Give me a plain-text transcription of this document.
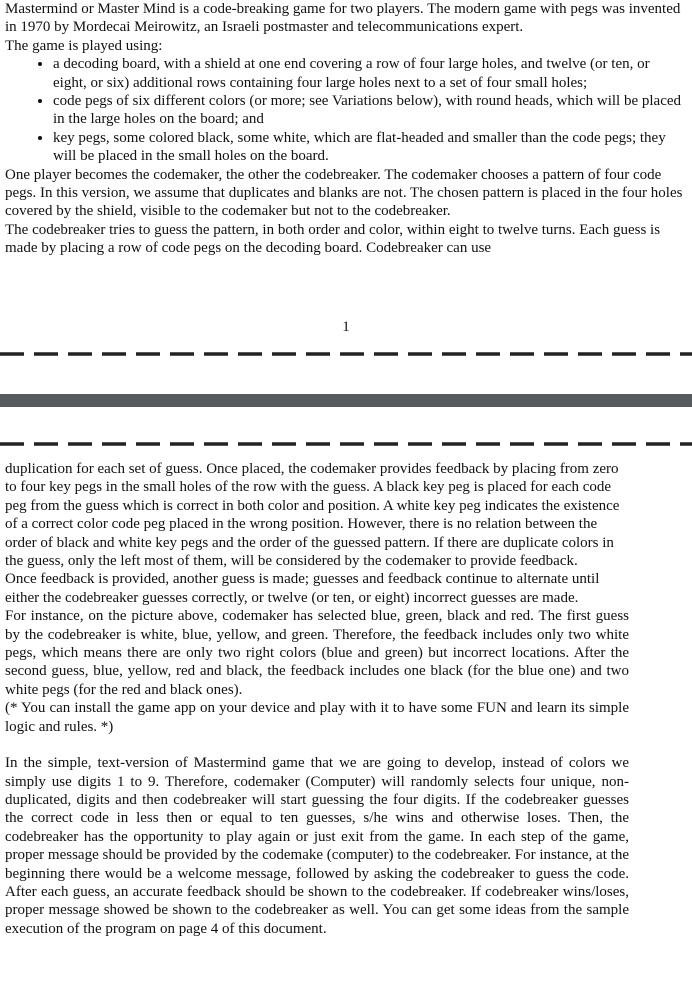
Mastermind or Master Mind is a code-breaking game for two players. The modern game with pegs was invented in 1970 by Mordecai Meirowitz, an Israeli postmaster and telecommunications expert.

The game is played using:

• a decoding board, with a shield at one end covering a row of four large holes, and twelve (or ten, or eight, or six) additional rows containing four large holes next to a set of four small holes;
• code pegs of six different colors (or more; see Variations below), with round heads, which will be placed in the large holes on the board; and
• key pegs, some colored black, some white, which are flat-headed and smaller than the code pegs; they will be placed in the small holes on the board.

One player becomes the codemaker, the other the codebreaker. The codemaker chooses a pattern of four code pegs. In this version, we assume that duplicates and blanks are not. The chosen pattern is placed in the four holes covered by the shield, visible to the codemaker but not to the codebreaker.

The codebreaker tries to guess the pattern, in both order and color, within eight to twelve turns. Each guess is made by placing a row of code pegs on the decoding board. Codebreaker can use

1

duplication for each set of guess. Once placed, the codemaker provides feedback by placing from zero to four key pegs in the small holes of the row with the guess. A black key peg is placed for each code peg from the guess which is correct in both color and position. A white key peg indicates the existence of a correct color code peg placed in the wrong position. However, there is no relation between the order of black and white key pegs and the order of the guessed pattern. If there are duplicate colors in the guess, only the left most of them, will be considered by the codemaker to provide feedback.

Once feedback is provided, another guess is made; guesses and feedback continue to alternate until either the codebreaker guesses correctly, or twelve (or ten, or eight) incorrect guesses are made.

For instance, on the picture above, codemaker has selected blue, green, black and red. The first guess by the codebreaker is white, blue, yellow, and green. Therefore, the feedback includes only two white pegs, which means there are only two right colors (blue and green) but incorrect locations. After the second guess, blue, yellow, red and black, the feedback includes one black (for the blue one) and two white pegs (for the red and black ones).

(* You can install the game app on your device and play with it to have some FUN and learn its simple logic and rules. *)

In the simple, text-version of Mastermind game that we are going to develop, instead of colors we simply use digits 1 to 9. Therefore, codemaker (Computer) will randomly selects four unique, non-duplicated, digits and then codebreaker will start guessing the four digits. If the codebreaker guesses the correct code in less then or equal to ten guesses, s/he wins and otherwise loses. Then, the codebreaker has the opportunity to play again or just exit from the game. In each step of the game, proper message should be provided by the codemake (computer) to the codebreaker. For instance, at the beginning there would be a welcome message, followed by asking the codebreaker to guess the code. After each guess, an accurate feedback should be shown to the codebreaker. If codebreaker wins/loses, proper message showed be shown to the codebreaker as well. You can get some ideas from the sample execution of the program on page 4 of this document.
